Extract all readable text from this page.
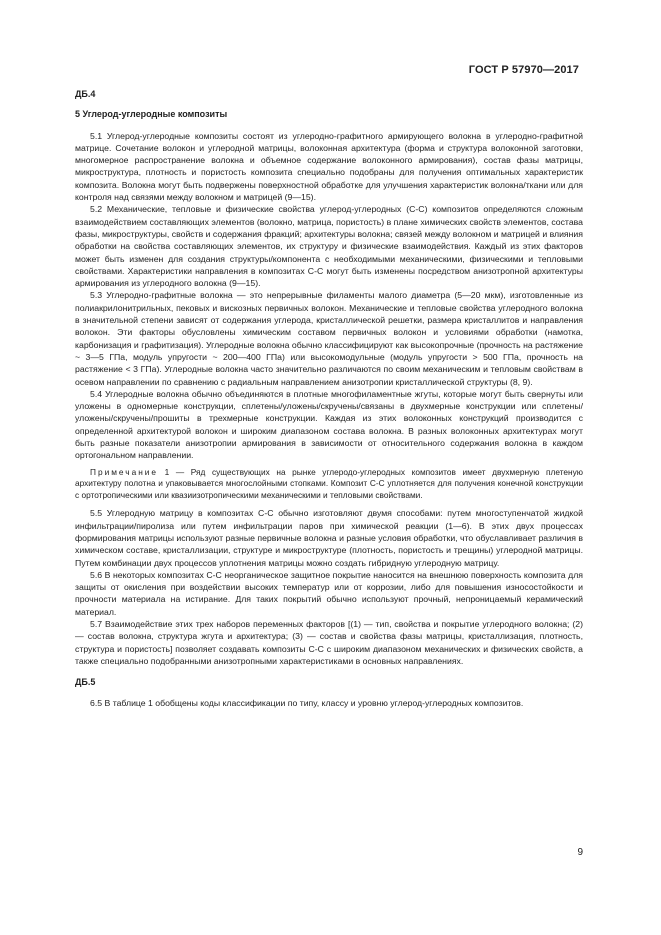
ГОСТ Р 57970—2017
ДБ.4
5 Углерод-углеродные композиты

5.1 Углерод-углеродные композиты состоят из углеродно-графитного армирующего волокна в углеродно-графитной матрице. Сочетание волокон и углеродной матрицы, волоконная архитектура (форма и структура волоконной заготовки, многомерное распространение волокна и объемное содержание волоконного армирования), состав фазы матрицы, микроструктура, плотность и пористость композита специально подобраны для получения оптимальных характеристик композита. Волокна могут быть подвержены поверхностной обработке для улучшения характеристик волокна/ткани или для контроля над связями между волокном и матрицей (9—15).

5.2 Механические, тепловые и физические свойства углерод-углеродных (С-С) композитов определяются сложным взаимодействием составляющих элементов (волокно, матрица, пористость) в плане химических свойств элементов, состава фазы, микроструктуры, свойств и содержания фракций; архитектуры волокна; связей между волокном и матрицей и влияния обработки на свойства составляющих элементов, их структуру и физические взаимодействия. Каждый из этих факторов может быть изменен для создания структуры/компонента с необходимыми механическими, физическими и тепловыми свойствами. Характеристики направления в композитах С-С могут быть изменены посредством анизотропной архитектуры армирования из углеродного волокна (9—15).

5.3 Углеродно-графитные волокна — это непрерывные филаменты малого диаметра (5—20 мкм), изготовленные из полиакрилонитрильных, пековых и вискозных первичных волокон. Механические и тепловые свойства углеродного волокна в значительной степени зависят от содержания углерода, кристаллической решетки, размера кристаллитов и направления волокон. Эти факторы обусловлены химическим составом первичных волокон и условиями обработки (намотка, карбонизация и графитизация). Углеродные волокна обычно классифицируют как высокопрочные (прочность на растяжение ~ 3—5 ГПа, модуль упругости ~ 200—400 ГПа) или высокомодульные (модуль упругости > 500 ГПа, прочность на растяжение < 3 ГПа). Углеродные волокна часто значительно различаются по своим механическим и тепловым свойствам в осевом направлении по сравнению с радиальным направлением анизотропии кристаллической структуры (8, 9).

5.4 Углеродные волокна обычно объединяются в плотные многофиламентные жгуты, которые могут быть свернуты или уложены в одномерные конструкции, сплетены/уложены/скручены/связаны в двухмерные конструкции или сплетены/уложены/скручены/прошиты в трехмерные конструкции. Каждая из этих волоконных конструкций производится с определенной архитектурой волокон и широким диапазоном состава волокна. В разных волоконных архитектурах могут быть разные показатели анизотропии армирования в зависимости от относительного содержания волокна в каждом ортогональном направлении.

Примечание 1 — Ряд существующих на рынке углеродо-углеродных композитов имеет двухмерную плетеную архитектуру полотна и упаковывается многослойными стопками. Композит С-С уплотняется для получения конечной конструкции с ортотропическими или квазиизотропическими механическими и тепловыми свойствами.

5.5 Углеродную матрицу в композитах С-С обычно изготовляют двумя способами: путем многоступенчатой жидкой инфильтрации/пиролиза или путем инфильтрации паров при химической реакции (1—6). В этих двух процессах формирования матрицы используют разные первичные волокна и разные условия обработки, что обуславливает различия в химическом составе, кристаллизации, структуре и микроструктуре (плотность, пористость и трещины) углеродной матрицы. Путем комбинации двух процессов уплотнения матрицы можно создать гибридную углеродную матрицу.

5.6 В некоторых композитах С-С неорганическое защитное покрытие наносится на внешнюю поверхность композита для защиты от окисления при воздействии высоких температур или от коррозии, либо для повышения износостойкости и прочности материала на истирание. Для таких покрытий обычно используют прочный, непроницаемый керамический материал.

5.7 Взаимодействие этих трех наборов переменных факторов [(1) — тип, свойства и покрытие углеродного волокна; (2) — состав волокна, структура жгута и архитектура; (3) — состав и свойства фазы матрицы, кристаллизация, плотность, структура и пористость] позволяет создавать композиты С-С с широким диапазоном механических и физических свойств, а также специально подобранными анизотропными характеристиками в основных направлениях.

ДБ.5

6.5 В таблице 1 обобщены коды классификации по типу, классу и уровню углерод-углеродных композитов.

9
